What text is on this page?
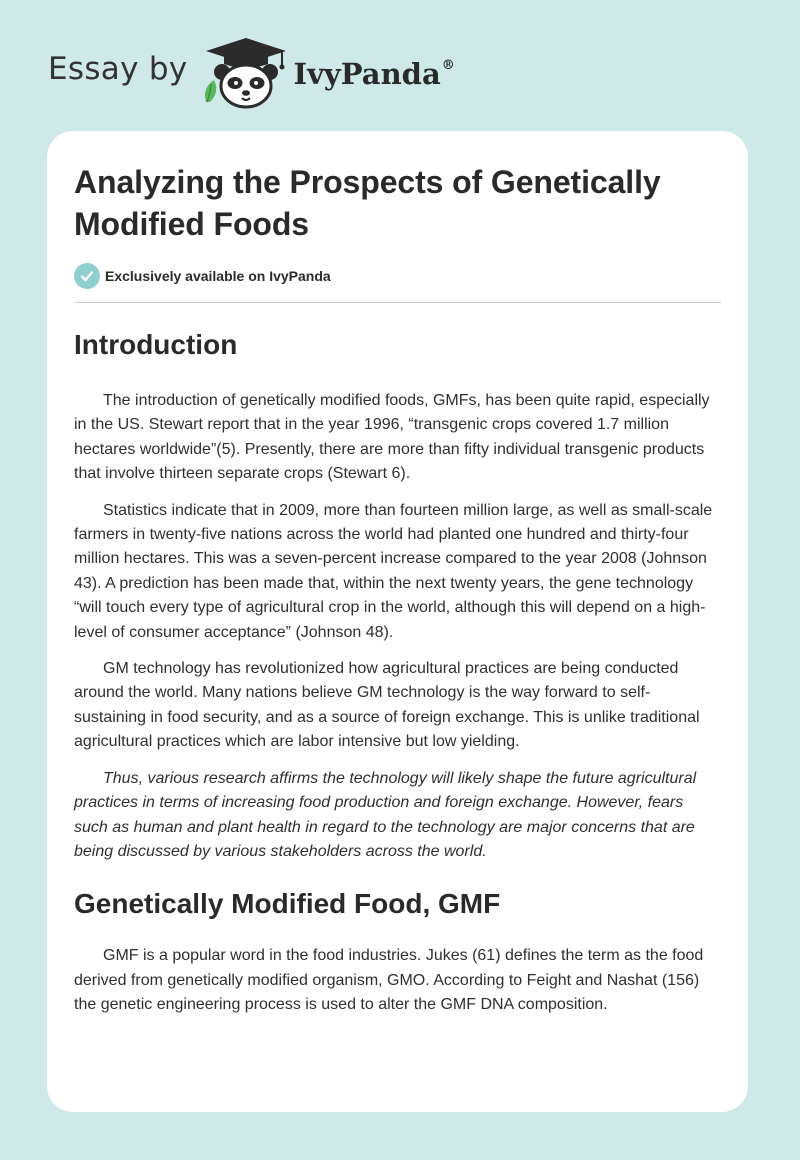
Essay by	IvyPanda®
Analyzing the Prospects of Genetically Modified Foods
Exclusively available on IvyPanda
Introduction

The introduction of genetically modified foods, GMFs, has been quite rapid, especially in the US. Stewart report that in the year 1996, “transgenic crops covered 1.7 million hectares worldwide”(5). Presently, there are more than fifty individual transgenic products that involve thirteen separate crops (Stewart 6).

Statistics indicate that in 2009, more than fourteen million large, as well as small-scale farmers in twenty-five nations across the world had planted one hundred and thirty-four million hectares. This was a seven-percent increase compared to the year 2008 (Johnson 43). A prediction has been made that, within the next twenty years, the gene technology “will touch every type of agricultural crop in the world, although this will depend on a high-level of consumer acceptance” (Johnson 48).

GM technology has revolutionized how agricultural practices are being conducted around the world. Many nations believe GM technology is the way forward to self-sustaining in food security, and as a source of foreign exchange. This is unlike traditional agricultural practices which are labor intensive but low yielding.

Thus, various research affirms the technology will likely shape the future agricultural practices in terms of increasing food production and foreign exchange. However, fears such as human and plant health in regard to the technology are major concerns that are being discussed by various stakeholders across the world.

Genetically Modified Food, GMF

GMF is a popular word in the food industries. Jukes (61) defines the term as the food derived from genetically modified organism, GMO. According to Feight and Nashat (156) the genetic engineering process is used to alter the GMF DNA composition.
